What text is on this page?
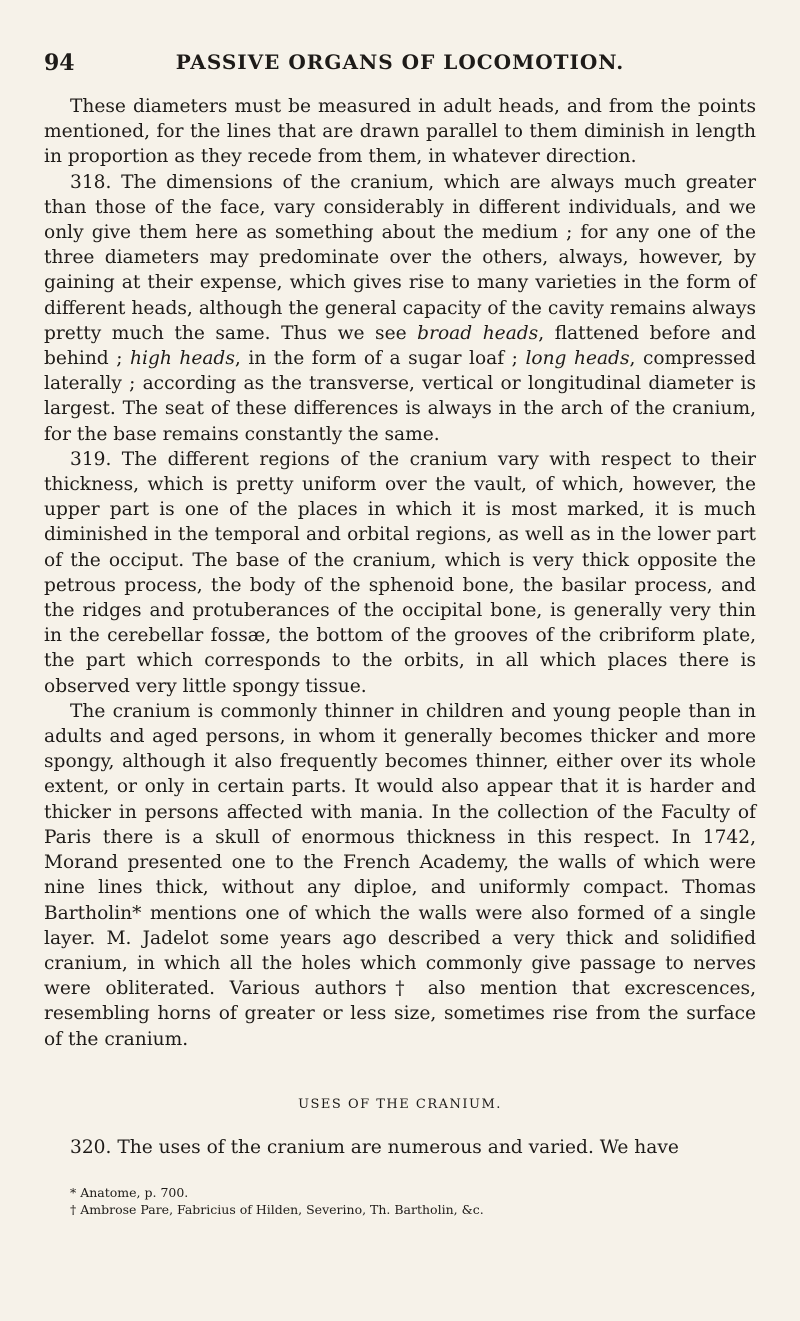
94	PASSIVE ORGANS OF LOCOMOTION.

These diameters must be measured in adult heads, and from the points mentioned, for the lines that are drawn parallel to them diminish in length in proportion as they recede from them, in whatever direction.

318. The dimensions of the cranium, which are always much greater than those of the face, vary considerably in different individuals, and we only give them here as something about the medium ; for any one of the three diameters may predominate over the others, always, however, by gaining at their expense, which gives rise to many varieties in the form of different heads, although the general capacity of the cavity remains always pretty much the same. Thus we see broad heads, flattened before and behind ; high heads, in the form of a sugar loaf ; long heads, compressed laterally ; according as the transverse, vertical or longitudinal diameter is largest. The seat of these differences is always in the arch of the cranium, for the base remains constantly the same.

319. The different regions of the cranium vary with respect to their thickness, which is pretty uniform over the vault, of which, however, the upper part is one of the places in which it is most marked, it is much diminished in the temporal and orbital regions, as well as in the lower part of the occiput. The base of the cranium, which is very thick opposite the petrous process, the body of the sphenoid bone, the basilar process, and the ridges and protuberances of the occipital bone, is generally very thin in the cerebellar fossæ, the bottom of the grooves of the cribriform plate, the part which corresponds to the orbits, in all which places there is observed very little spongy tissue.

The cranium is commonly thinner in children and young people than in adults and aged persons, in whom it generally becomes thicker and more spongy, although it also frequently becomes thinner, either over its whole extent, or only in certain parts. It would also appear that it is harder and thicker in persons affected with mania. In the collection of the Faculty of Paris there is a skull of enormous thickness in this respect. In 1742, Morand presented one to the French Academy, the walls of which were nine lines thick, without any diploe, and uniformly compact. Thomas Bartholin* mentions one of which the walls were also formed of a single layer. M. Jadelot some years ago described a very thick and solidified cranium, in which all the holes which commonly give passage to nerves were obliterated. Various authors† also mention that excrescences, resembling horns of greater or less size, sometimes rise from the surface of the cranium.

USES OF THE CRANIUM.

320. The uses of the cranium are numerous and varied. We have

* Anatome, p. 700.

† Ambrose Pare, Fabricius of Hilden, Severino, Th. Bartholin, &c.
